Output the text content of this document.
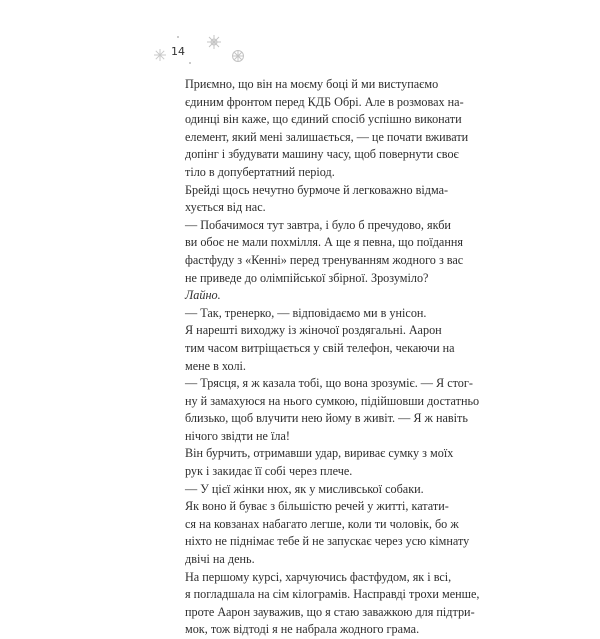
14
Приємно, що він на моєму боці й ми виступаємо
єдиним фронтом перед КДБ Обрі. Але в розмовах на-
одинці він каже, що єдиний спосіб успішно виконати
елемент, який мені залишається, — це почати вживати
допінг і збудувати машину часу, щоб повернути своє
тіло в допубертатний період.
Брейді щось нечутно бурмоче й легковажно відма-
хується від нас.
— Побачимося тут завтра, і було б пречудово, якби
ви обоє не мали похмілля. А ще я певна, що поїдання
фастфуду з «Кенні» перед тренуванням жодного з вас
не приведе до олімпійської збірної. Зрозуміло?
Лайно.
— Так, тренерко, — відповідаємо ми в унісон.
Я нарешті виходжу із жіночої роздягальні. Аарон
тим часом витріщається у свій телефон, чекаючи на
мене в холі.
— Трясця, я ж казала тобі, що вона зрозуміє. — Я стог-
ну й замахуюся на нього сумкою, підійшовши достатньо
близько, щоб влучити нею йому в живіт. — Я ж навіть
нічого звідти не їла!
Він бурчить, отримавши удар, вириває сумку з моїх
рук і закидає її собі через плече.
— У цієї жінки нюх, як у мисливської собаки.
Як воно й буває з більшістю речей у житті, катати-
ся на ковзанах набагато легше, коли ти чоловік, бо ж
ніхто не піднімає тебе й не запускає через усю кімнату
двічі на день.
На першому курсі, харчуючись фастфудом, як і всі,
я погладшала на сім кілограмів. Насправді трохи менше,
проте Аарон зауважив, що я стаю заважкою для підтри-
мок, тож відтоді я не набрала жодного грама.
